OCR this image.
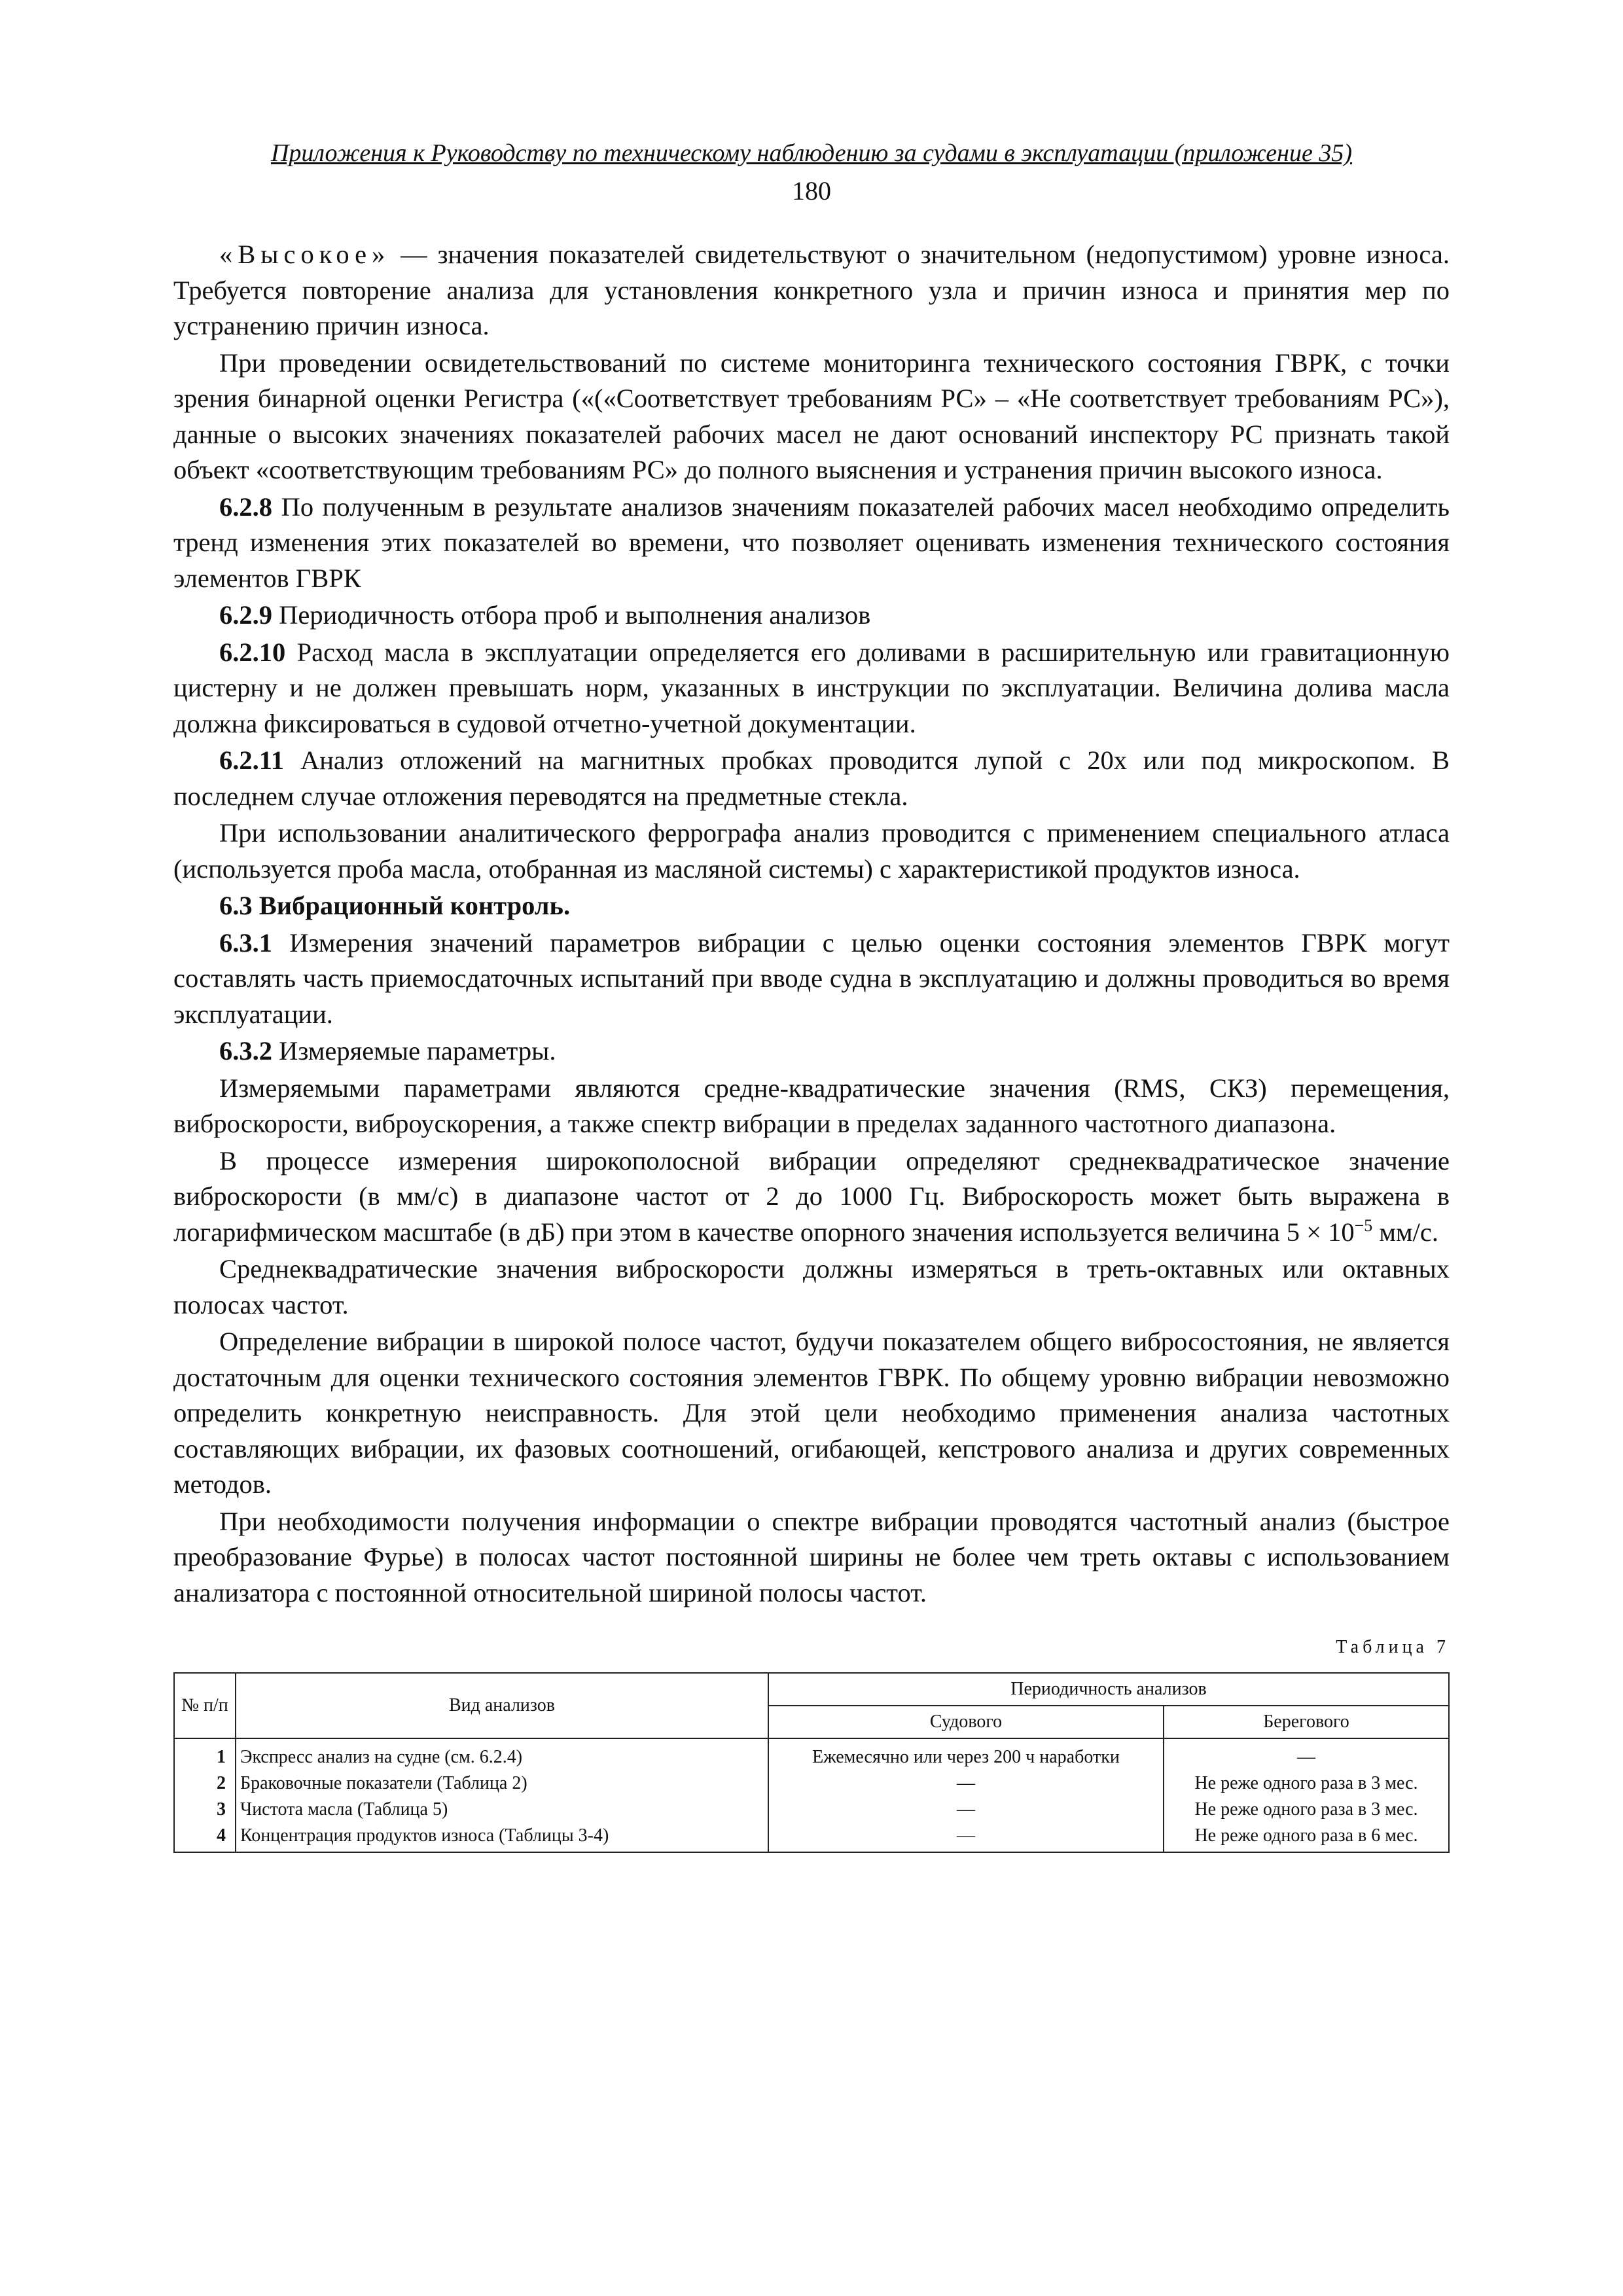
Приложения к Руководству по техническому наблюдению за судами в эксплуатации (приложение 35)
180

«Высокое» — значения показателей свидетельствуют о значительном (недопустимом) уровне износа. Требуется повторение анализа для установления конкретного узла и причин износа и принятия мер по устранению причин износа.

При проведении освидетельствований по системе мониторинга технического состояния ГВРК, с точки зрения бинарной оценки Регистра («(«Соответствует требованиям РС» – «Не соответствует требованиям РС»), данные о высоких значениях показателей рабочих масел не дают оснований инспектору РС признать такой объект «соответствующим требованиям РС» до полного выяснения и устранения причин высокого износа.

6.2.8 По полученным в результате анализов значениям показателей рабочих масел необходимо определить тренд изменения этих показателей во времени, что позволяет оценивать изменения технического состояния элементов ГВРК

6.2.9 Периодичность отбора проб и выполнения анализов

6.2.10 Расход масла в эксплуатации определяется его доливами в расширительную или гравитационную цистерну и не должен превышать норм, указанных в инструкции по эксплуатации. Величина долива масла должна фиксироваться в судовой отчетно-учетной документации.

6.2.11 Анализ отложений на магнитных пробках проводится лупой с 20х или под микроскопом. В последнем случае отложения переводятся на предметные стекла.

При использовании аналитического феррографа анализ проводится с применением специального атласа (используется проба масла, отобранная из масляной системы) с характеристикой продуктов износа.

6.3 Вибрационный контроль.

6.3.1 Измерения значений параметров вибрации с целью оценки состояния элементов ГВРК могут составлять часть приемосдаточных испытаний при вводе судна в эксплуатацию и должны проводиться во время эксплуатации.

6.3.2 Измеряемые параметры.

Измеряемыми параметрами являются средне-квадратические значения (RMS, СКЗ) перемещения, виброскорости, виброускорения, а также спектр вибрации в пределах заданного частотного диапазона.

В процессе измерения широкополосной вибрации определяют среднеквадратическое значение виброскорости (в мм/с) в диапазоне частот от 2 до 1000 Гц. Виброскорость может быть выражена в логарифмическом масштабе (в дБ) при этом в качестве опорного значения используется величина $5 \times 10^{-5}$ мм/с.

Среднеквадратические значения виброскорости должны измеряться в треть-октавных или октавных полосах частот.

Определение вибрации в широкой полосе частот, будучи показателем общего вибросостояния, не является достаточным для оценки технического состояния элементов ГВРК. По общему уровню вибрации невозможно определить конкретную неисправность. Для этой цели необходимо применения анализа частотных составляющих вибрации, их фазовых соотношений, огибающей, кепстрового анализа и других современных методов.

При необходимости получения информации о спектре вибрации проводятся частотный анализ (быстрое преобразование Фурье) в полосах частот постоянной ширины не более чем треть октавы с использованием анализатора с постоянной относительной шириной полосы частот.

Таблица 7
№ п/п	Вид анализов	Периодичность анализов	
		Судового	Берегового
1	Экспресс анализ на судне (см. 6.2.4)	Ежемесячно или через 200 ч наработки	—
2	Браковочные показатели (Таблица 2)	—	Не реже одного раза в 3 мес.
3	Чистота масла (Таблица 5)	—	Не реже одного раза в 3 мес.
4	Концентрация продуктов износа (Таблицы 3-4)	—	Не реже одного раза в 6 мес.
